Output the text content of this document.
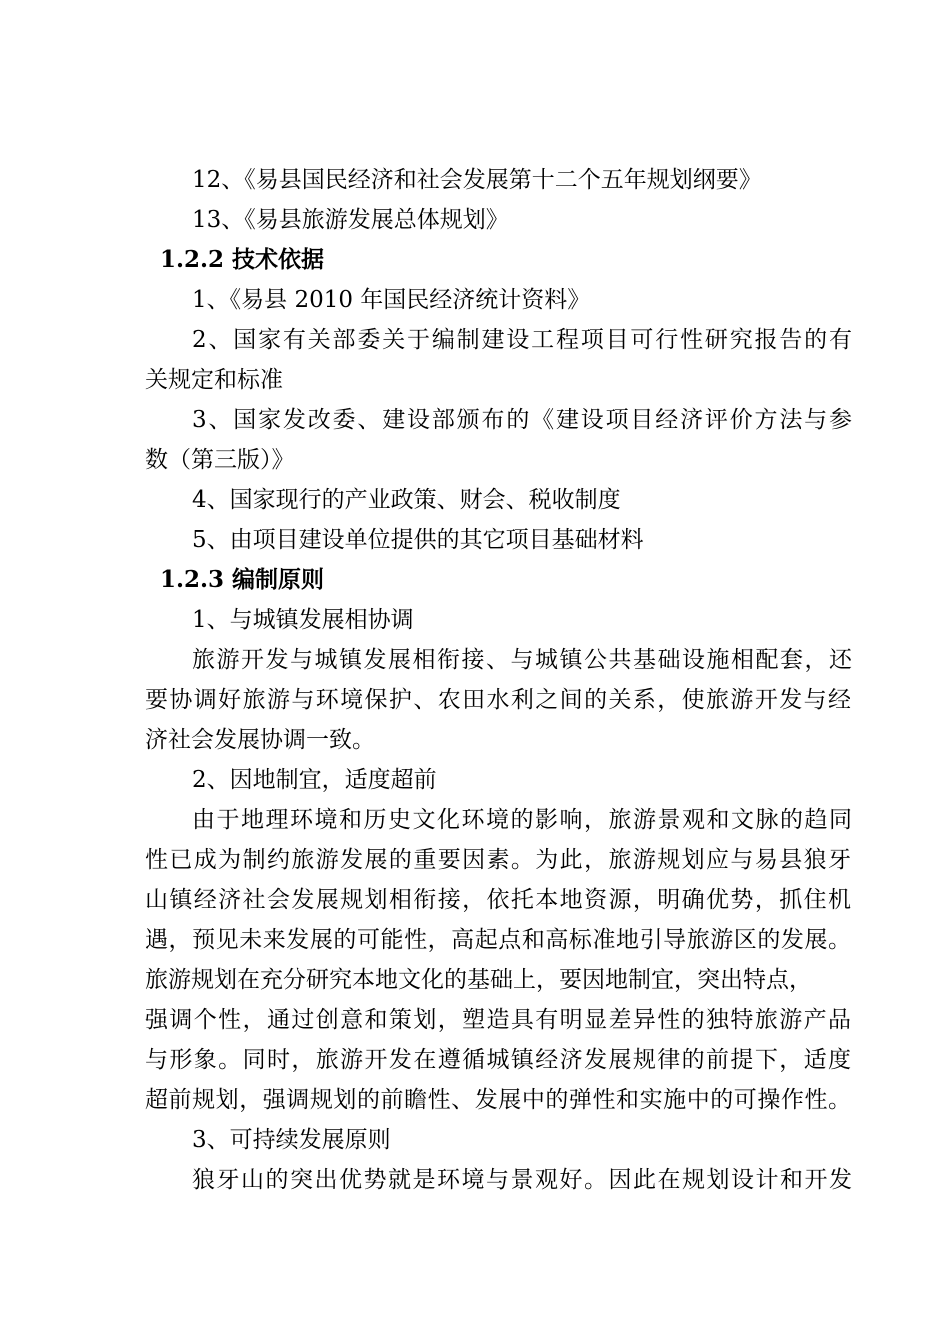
12、《易县国民经济和社会发展第十二个五年规划纲要》
13、《易县旅游发展总体规划》
1.2.2 技术依据
1、《易县 2010 年国民经济统计资料》
2、国家有关部委关于编制建设工程项目可行性研究报告的有
关规定和标准
3、国家发改委、建设部颁布的《建设项目经济评价方法与参
数（第三版）》
4、国家现行的产业政策、财会、税收制度
5、由项目建设单位提供的其它项目基础材料
1.2.3 编制原则
1、与城镇发展相协调
旅游开发与城镇发展相衔接、与城镇公共基础设施相配套，还
要协调好旅游与环境保护、农田水利之间的关系，使旅游开发与经
济社会发展协调一致。
2、因地制宜，适度超前
由于地理环境和历史文化环境的影响，旅游景观和文脉的趋同
性已成为制约旅游发展的重要因素。为此，旅游规划应与易县狼牙
山镇经济社会发展规划相衔接，依托本地资源，明确优势，抓住机
遇，预见未来发展的可能性，高起点和高标准地引导旅游区的发展。
旅游规划在充分研究本地文化的基础上，要因地制宜，突出特点，
强调个性，通过创意和策划，塑造具有明显差异性的独特旅游产品
与形象。同时，旅游开发在遵循城镇经济发展规律的前提下，适度
超前规划，强调规划的前瞻性、发展中的弹性和实施中的可操作性。
3、可持续发展原则
狼牙山的突出优势就是环境与景观好。因此在规划设计和开发
